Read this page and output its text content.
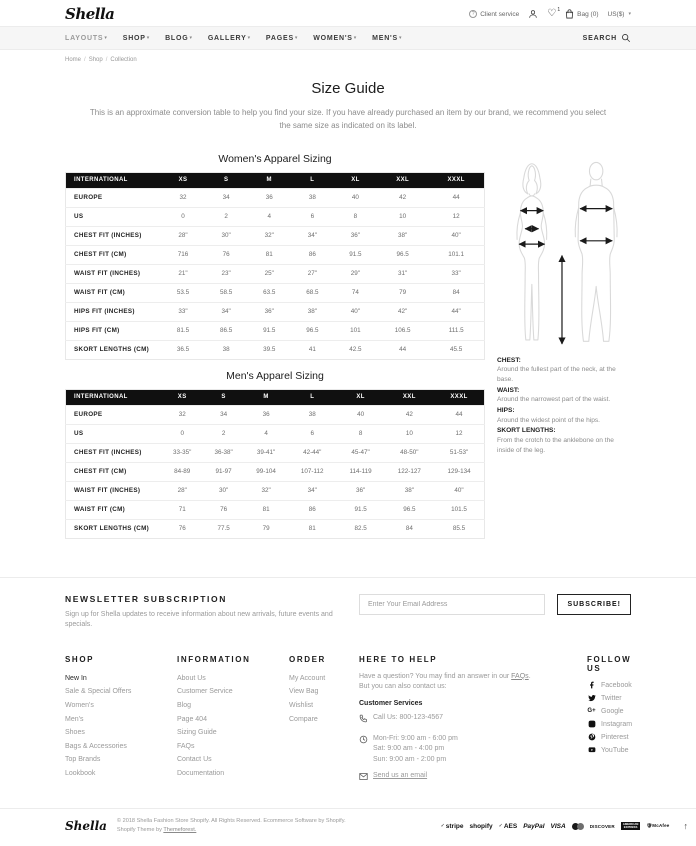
Shella	? Client service	♡ 1
Bag (0) US($) ▾
LAYOUTS ▾ SHOP ▾ BLOG ▾ GALLERY ▾ PAGES ▾ WOMEN'S ▾ MEN'S ▾	SEARCH
Home / Shop / Collection
Size Guide

This is an approximate conversion table to help you find your size. If you have already purchased an item by our brand, we recommend you select the same size as indicated on its label.

Women's Apparel Sizing
INTERNATIONAL	XS	S	M	L	XL	XXL	XXXL
EUROPE	32	34	36	38	40	42	44
US	0	2	4	6	8	10	12
CHEST FIT (INCHES)	28"	30"	32"	34"	36"	38"	40"
CHEST FIT (CM)	716	76	81	86	91.5	96.5	101.1
WAIST FIT (INCHES)	21"	23"	25"	27"	29"	31"	33"
WAIST FIT (CM)	53.5	58.5	63.5	68.5	74	79	84
HIPS FIT (INCHES)	33"	34"	36"	38"	40"	42"	44"
HIPS FIT (CM)	81.5	86.5	91.5	96.5	101	106.5	111.5
SKORT LENGTHS (CM)	36.5	38	39.5	41	42.5	44	45.5
Men's Apparel Sizing
INTERNATIONAL	XS	S	M	L	XL	XXL	XXXL
EUROPE	32	34	36	38	40	42	44
US	0	2	4	6	8	10	12
CHEST FIT (INCHES)	33-35"	36-38"	39-41"	42-44"	45-47"	48-50"	51-53"
CHEST FIT (CM)	84-89	91-97	99-104	107-112	114-119	122-127	129-134
WAIST FIT (INCHES)	28"	30"	32"	34"	36"	38"	40"
WAIST FIT (CM)	71	76	81	86	91.5	96.5	101.5
SKORT LENGTHS (CM)	76	77.5	79	81	82.5	84	85.5
CHEST:
Around the fullest part of the neck, at the base.
WAIST:
Around the narrowest part of the waist.
HIPS:
Around the widest point of the hips.
SKORT LENGTHS:
From the crotch to the anklebone on the inside of the leg.
NEWSLETTER SUBSCRIPTION

Sign up for Shella updates to receive information about new arrivals, future events and specials.

Enter Your Email Address
SUBSCRIBE!
SHOP
New In
Sale & Special Offers
Women's
Men's
Shoes
Bags & Accessories
Top Brands
Lookbook
INFORMATION
About Us
Customer Service
Blog
Page 404
Sizing Guide
FAQs
Contact Us
Documentation
ORDER
My Account
View Bag
Wishlist
Compare
HERE TO HELP

Have a question? You may find an answer in our FAQs.
But you can also contact us:

Customer Services

Call Us: 800-123-4567
Mon-Fri: 9:00 am - 6:00 pm
Sat: 9:00 am - 4:00 pm
Sun: 9:00 am - 2:00 pm
Send us an email
FOLLOW US
Facebook
Twitter
G+ Google
Instagram
Pinterest
YouTube
Shella © 2018 Shella Fashion Store Shopify. All Rights Reserved. Ecommerce Software by Shopify.
Shopify Theme by Themeforest.
✓ stripe shopify ✓ AES PayPal VISA	DISCOVER	AMERICAN
EXPRESS	🛡McAfee ↑
